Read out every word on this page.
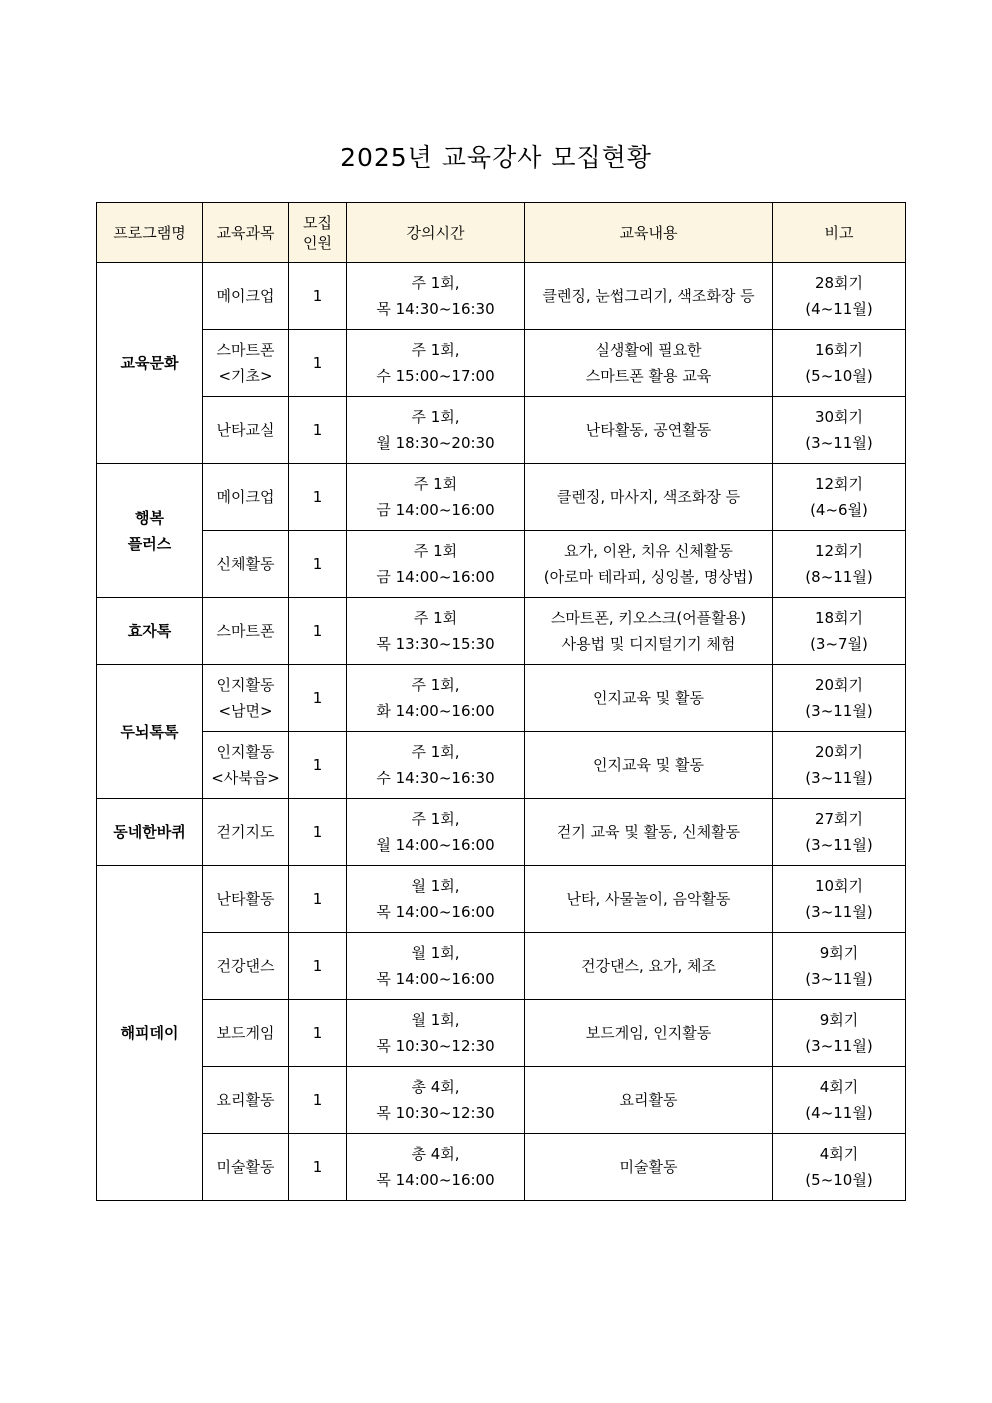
2025년 교육강사 모집현황
프로그램명	교육과목	모집
인원	강의시간	교육내용	비고
교육문화	메이크업	1	주 1회,
목 14:30~16:30	클렌징, 눈썹그리기, 색조화장 등	28회기
(4~11월)

	스마트폰
<기초>	1	주 1회,
수 15:00~17:00	실생활에 필요한
스마트폰 활용 교육	16회기
(5~10월)

	난타교실	1	주 1회,
월 18:30~20:30	난타활동, 공연활동	30회기
(3~11월)

행복
플러스	메이크업	1	주 1회
금 14:00~16:00	클렌징, 마사지, 색조화장 등	12회기
(4~6월)

	신체활동	1	주 1회
금 14:00~16:00	요가, 이완, 치유 신체활동
(아로마 테라피, 싱잉볼, 명상법)	12회기
(8~11월)

효자톡	스마트폰	1	주 1회
목 13:30~15:30	스마트폰, 키오스크(어플활용)
사용법 및 디지털기기 체험	18회기
(3~7월)

두뇌톡톡	인지활동
<남면>	1	주 1회,
화 14:00~16:00	인지교육 및 활동	20회기
(3~11월)

	인지활동
<사북읍>	1	주 1회,
수 14:30~16:30	인지교육 및 활동	20회기
(3~11월)

동네한바퀴	걷기지도	1	주 1회,
월 14:00~16:00	걷기 교육 및 활동, 신체활동	27회기
(3~11월)

해피데이	난타활동	1	월 1회,
목 14:00~16:00	난타, 사물놀이, 음악활동	10회기
(3~11월)

	건강댄스	1	월 1회,
목 14:00~16:00	건강댄스, 요가, 체조	9회기
(3~11월)

	보드게임	1	월 1회,
목 10:30~12:30	보드게임, 인지활동	9회기
(3~11월)

	요리활동	1	총 4회,
목 10:30~12:30	요리활동	4회기
(4~11월)

	미술활동	1	총 4회,
목 14:00~16:00	미술활동	4회기
(5~10월)
